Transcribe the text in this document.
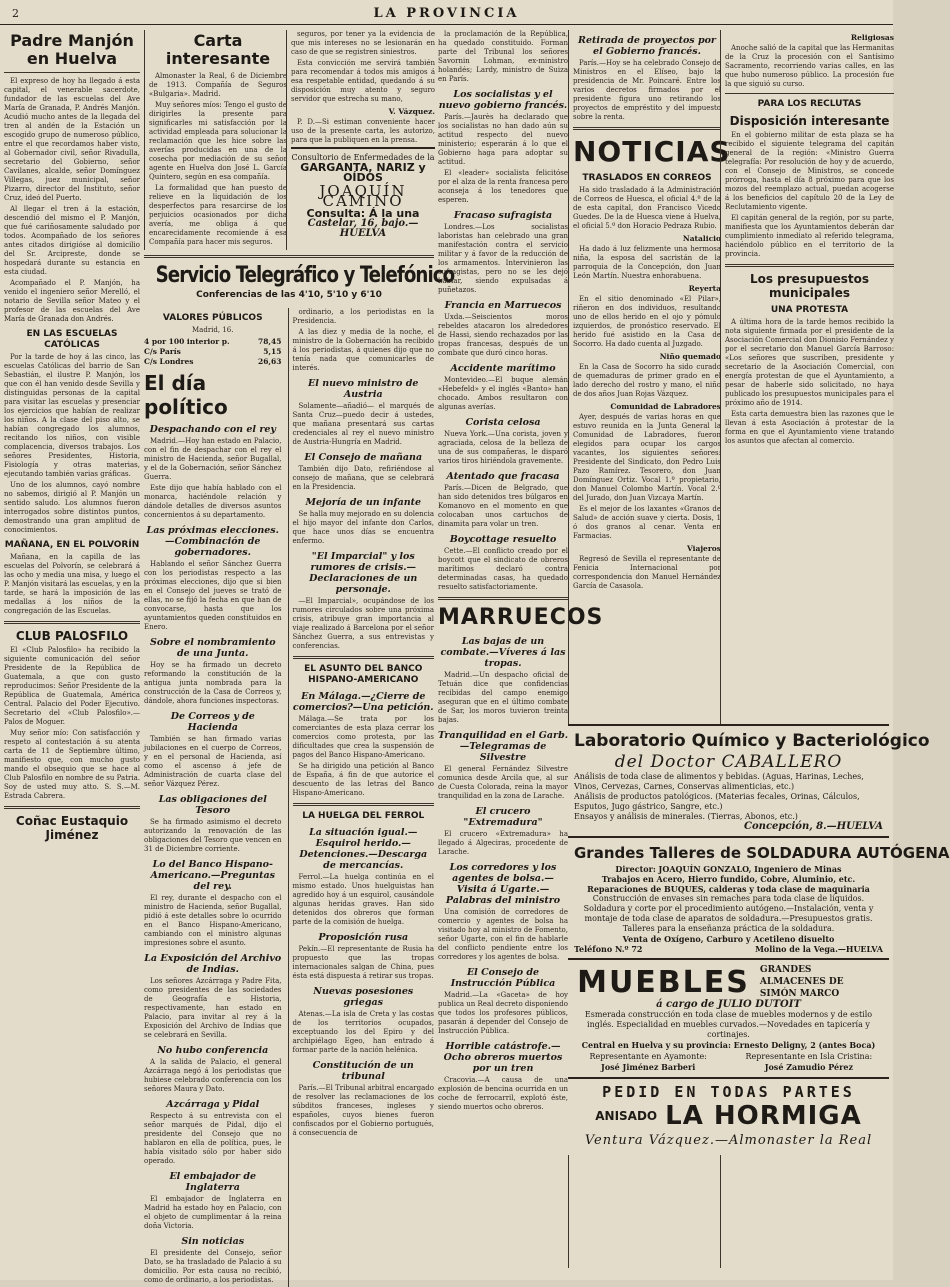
2	LA PROVINCIA
Padre Manjón en Huelva

El expreso de hoy ha llegado á esta capital, el venerable sacerdote, fundador de las escuelas del Ave María de Granada, P. Andrés Manjón. Acudió mucho antes de la llegada del tren al andén de la Estación un escogido grupo de numeroso público, entre el que recordamos haber visto, al Gobernador civil, señor Rivadulla, secretario del Gobierno, señor Cavilanes, alcalde, señor Domínguez Villegas, juez municipal, señor Pizarro, director del Instituto, señor Cruz, ideó del Puerto.

Al llegar el tren á la estación, descendió del mismo el P. Manjón, que fué cariñosamente saludado por todos. Acompañado de los señores antes citados dirigióse al domicilio del Sr. Arcipreste, donde se hospedará durante su estancia en esta ciudad.

Acompañado el P. Manjón, ha venido el ingeniero señor Merelló, el notario de Sevilla señor Mateo y el profesor de las escuelas del Ave María de Granada don Andrés.

EN LAS ESCUELAS CATÓLICAS

Por la tarde de hoy á las cinco, las escuelas Católicas del barrio de San Sebastián, el ilustre P. Manjón, los que con él han venido desde Sevilla y distinguidas personas de la capital para visitar las escuelas y presenciar los ejercicios que habían de realizar los niños. A la clase del piso alto, se habían congregado los alumnos, recitando los niños, con visible complacencia, diversos trabajos. Los señores Presidentes, Historia, Fisiología y otras materias, ejecutando también varias gráficas.

Uno de los alumnos, cayó nombre no sabemos, dirigió al P. Manjón un sentido saludo. Los alumnos fueron interrogados sobre distintos puntos, demostrando una gran amplitud de conocimientos.

MAÑANA, EN EL POLVORÍN

Mañana, en la capilla de las escuelas del Polvorín, se celebrará á las ocho y media una misa, y luego el P. Manjón visitará las escuelas, y en la tarde, se hará la imposición de las medallas á los niños de la congregación de las Escuelas.

CLUB PALOSFILO

El «Club Palosfilo» ha recibido la siguiente comunicación del señor Presidente de la República de Guatemala, a que con gusto reproducimos: Señor Presidente de la República de Guatemala, América Central. Palacio del Poder Ejecutivo. Secretario del «Club Palosfilo».—Palos de Moguer.

Muy señor mío: Con satisfacción y respeto al contestación á su atenta carta de 11 de Septiembre último, manifiesto que, con mucho gusto mando el obsequio que se hace al Club Palosfilo en nombre de su Patria. Soy de usted muy atto. S. S.—M. Estrada Cabrera.

Coñac Eustaquio Jiménez
Carta interesante

Almonaster la Real, 6 de Diciembre de 1913. Compañía de Seguros «Bulgaria». Madrid.

Muy señores míos: Tengo el gusto de dirigirles la presente para significarles mi satisfacción por la actividad empleada para solucionar la reclamación que les hice sobre las averías producidas en una de la cosecha por mediación de su señor agente en Huelva don José L. García Quintero, según en esa compañía.

La formalidad que han puesto de relieve en la liquidación de los desperfectos para resarcirse de los perjuicios ocasionados por dicha avería, me obliga á que encarecidamente recomiende á esa Compañía para hacer mis seguros.

seguros, por tener ya la evidencia de que mis intereses no se lesionarán en caso de que se registren siniestros.

Esta convicción me servirá también para recomendar á todos mis amigos á esa respetable entidad, quedando á su disposición muy atento y seguro servidor que estrecha su mano,

V. Vázquez.

P. D.—Si estiman conveniente hacer uso de la presente carta, les autorizo, para que la publiquen en la prensa.

Consultorio de Enfermedades de la
GARGANTA, NARIZ y OÍDOS
JOAQUÍN CAMINO
Consulta: Á la una
Castelar, 16, bajo.—HUELVA
Servicio Telegráfico y Telefónico
Conferencias de las 4'10, 5'10 y 6'10
VALORES PÚBLICOS
Madrid, 16.
4 por 100 interior p.	78,45
C/s París	5,15
C/s Londres	26,63
El día político
Despachando con el rey

Madrid.—Hoy han estado en Palacio, con el fin de despachar con el rey el ministro de Hacienda, señor Bugallal, y el de la Gobernación, señor Sánchez Guerra.

Este dijo que había hablado con el monarca, haciéndole relación y dándole detalles de diversos asuntos concernientos á su departamento.

Las próximas elecciones.—Combinación de gobernadores.

Hablando el señor Sánchez Guerra con los periodistas respecto a las próximas elecciones, dijo que si bien en el Consejo del jueves se trató de ellas, no se fijó la fecha en que han de convocarse, hasta que los ayuntamientos queden constituidos en Enero.

Sobre el nombramiento de una Junta.

Hoy se ha firmado un decreto reformando la constitución de la antigua junta nombrada para la construcción de la Casa de Correos y, dándole, ahora funciones inspectoras.

De Correos y de Hacienda

También se han firmado varias jubilaciones en el cuerpo de Correos, y en el personal de Hacienda, así como el ascenso á jefe de Administración de cuarta clase del señor Vázquez Pérez.

Las obligaciones del Tesoro

Se ha firmado asimismo el decreto autorizando la renovación de las obligaciones del Tesoro que vencen en 31 de Diciembre corriente.

Lo del Banco Hispano-Americano.—Preguntas del rey.

El rey, durante el despacho con el ministro de Hacienda, señor Bugallal, pidió á este detalles sobre lo ocurrido en el Banco Hispano-Americano, cambiando con el ministro algunas impresiones sobre el asunto.

La Exposición del Archivo de Indias.

Los señores Azcárraga y Padre Fita, como presidentes de las sociedades de Geografía e Historia, respectivamente, han estado en Palacio, para invitar al rey á la Exposición del Archivo de Indias que se celebrará en Sevilla.

No hubo conferencia

A la salida de Palacio, el general Azcárraga negó á los periodistas que hubiese celebrado conferencia con los señores Maura y Dato.

Azcárraga y Pidal

Respecto á su entrevista con el señor marqués de Pidal, dijo el presidente del Consejo que no hablaron en ella de política, pues, le había visitado sólo por haber sido operado.

El embajador de Inglaterra

El embajador de Inglaterra en Madrid ha estado hoy en Palacio, con el objeto de cumplimentar á la reina doña Victoria.

Sin noticias

El presidente del Consejo, señor Dato, se ha trasladado de Palacio á su domicilio. Por esta causa no recibió, como de ordinario, a los periodistas.

ordinario, a los periodistas en la Presidencia.

A las diez y media de la noche, el ministro de la Gobernación ha recibido á los periodistas, á quienes dijo que no tenía nada que comunicarles de interés.

El nuevo ministro de Austria

Solamente—añadió— el marqués de Santa Cruz—puedo decir á ustedes, que mañana presentará sus cartas credenciales al rey el nuevo ministro de Austria-Hungría en Madrid.

El Consejo de mañana

También dijo Dato, refiriéndose al consejo de mañana, que se celebrará en la Presidencia.

Mejoría de un infante

Se halla muy mejorado en su dolencia el hijo mayor del infante don Carlos, que hace unos días se encuentra enfermo.

"El Imparcial" y los rumores de crisis.—Declaraciones de un personaje.

—El Imparcial», ocupándose de los rumores circulados sobre una próxima crisis, atribuye gran importancia al viaje realizado á Barcelona por el señor Sánchez Guerra, a sus entrevistas y conferencias.

EL ASUNTO DEL BANCO HISPANO-AMERICANO
En Málaga.—¿Cierre de comercios?—Una petición.

Málaga.—Se trata por los comerciantes de esta plaza cerrar los comercios como protesta, por las dificultades que crea la suspensión de pagos del Banco Hispano-Americano.

Se ha dirigido una petición al Banco de España, á fin de que autorice el descuento de las letras del Banco Hispano-Americano.

LA HUELGA DEL FERROL
La situación igual.—Esquirol herido.—Detenciones.—Descarga de mercancías.

Ferrol.—La huelga continúa en el mismo estado. Unos huelguistas han agredido hoy á un esquirol, causándole algunas heridas graves. Han sido detenidos dos obreros que forman parte de la comisión de huelga.

Proposición rusa

Pekín.—El representante de Rusia ha propuesto que las tropas internacionales salgan de China, pues ésta está dispuesta á retirar sus tropas.

Nuevas posesiones griegas

Atenas.—La isla de Creta y las costas de los territorios ocupados, exceptuando los del Epiro y del archipiélago Egeo, han entrado á formar parte de la nación helénica.

Constitución de un tribunal

París.—El Tribunal arbitral encargado de resolver las reclamaciones de los súbditos franceses, ingleses y españoles, cuyos bienes fueron confiscados por el Gobierno portugués, á consecuencia de

la proclamación de la República, ha quedado constituido. Forman parte del Tribunal los señores Savornin Lohman, ex-ministro holandés; Lardy, ministro de Suiza en París.

Los socialistas y el nuevo gobierno francés.

París.—Jaurès ha declarado que los socialistas no han dado aún su actitud respecto del nuevo ministerio; esperarán á lo que el Gobierno haga para adoptar su actitud.

El «leader» socialista felicitóse por el alza de la renta francesa pero aconseja á los tenedores que esperen.

Fracaso sufragista

Londres.—Los socialistas laboristas han celebrado una gran manifestación contra el servicio militar y á favor de la reducción de los armamentos. Intervinieron las sufragistas, pero no se les dejó hablar, siendo expulsadas á puñetazos.

Francia en Marruecos

Uxda.—Seiscientos moros rebeldes atacaron los alrededores de Hassi, siendo rechazados por las tropas francesas, después de un combate que duró cinco horas.

Accidente marítimo

Montevideo.—El buque alemán «Hebefeld» y el inglés «Banto» han chocado. Ambos resultaron con algunas averías.

Corista celosa

Nueva York.—Una corista, joven y agraciada, celosa de la belleza de una de sus compañeras, le disparó varios tiros hiriéndola gravemente.

Atentado que fracasa

París.—Dicen de Belgrado, que han sido detenidos tres búlgaros en Komanovo en el momento en que colocaban unos cartuchos de dinamita para volar un tren.

Boycottage resuelto

Cette.—El conflicto creado por el boycott que el sindicato de obreros marítimos declaró contra determinadas casas, ha quedado resuelto satisfactoriamente.

MARRUECOS
Las bajas de un combate.—Víveres á las tropas.

Madrid.—Un despacho oficial de Tetuán dice que confidencias recibidas del campo enemigo aseguran que en el último combate de Sar, los moros tuvieron treinta bajas.

Tranquilidad en el Garb.—Telegramas de Silvestre

El general Fernández Silvestre comunica desde Arcila que, al sur de Cuesta Colorada, reina la mayor tranquilidad en la zona de Larache.

El crucero "Extremadura"

El crucero «Extremadura» ha llegado á Algeciras, procedente de Larache.

Los corredores y los agentes de bolsa.—Visita á Ugarte.—Palabras del ministro

Una comisión de corredores de comercio y agentes de bolsa ha visitado hoy al ministro de Fomento, señor Ugarte, con el fin de hablarle del conflicto pendiente entre los corredores y los agentes de bolsa.

El Consejo de Instrucción Pública

Madrid.—La «Gaceta» de hoy publica un Real decreto disponiendo que todos los profesores públicos, pasarán á depender del Consejo de Instrucción Pública.

Horrible catástrofe.—Ocho obreros muertos por un tren

Cracovia.—A causa de una explosión de bencina ocurrida en un coche de ferrocarril, explotó éste, siendo muertos ocho obreros.

Retirada de proyectos por el Gobierno francés.

París.—Hoy se ha celebrado Consejo de Ministros en el Elíseo, bajo la presidencia de Mr. Poincaré. Entre los varios decretos firmados por el presidente figura uno retirando los proyectos de empréstito y del impuesto sobre la renta.

NOTICIAS
TRASLADOS EN CORREOS

Ha sido trasladado á la Administración de Correos de Huesca, el oficial 4.º de la de esta capital, don Francisco Vicedo Guedes. De la de Huesca viene á Huelva, el oficial 5.º don Horacio Pedraza Rubio.

Natalicio

Ha dado á luz felizmente una hermosa niña, la esposa del sacristán de la parroquia de la Concepción, don Juan León Martín. Nuestra enhorabuena.

Reyerta

En el sitio denominado «El Pilar», riñeron en dos individuos, resultando uno de ellos herido en el ojo y pómulo izquierdos, de pronóstico reservado. El herido fué asistido en la Casa de Socorro. Ha dado cuenta al Juzgado.

Niño quemado

En la Casa de Socorro ha sido curado de quemaduras de primer grado en el lado derecho del rostro y mano, el niño de dos años Juan Rojas Vázquez.

Comunidad de Labradores

Ayer, después de varias horas en que estuvo reunida en la Junta General la Comunidad de Labradores, fueron elegidos para ocupar los cargos vacantes, los siguientes señores: Presidente del Sindicato, don Pedro Luis Pazo Ramírez. Tesorero, don Juan Domínguez Ortiz. Vocal 1.º propietario, don Manuel Colombo Martín. Vocal 2.º del Jurado, don Juan Vizcaya Martín.

Es el mejor de los laxantes «Granos de Salud» de acción suave y cierta. Dosis, 1 ó dos granos al cenar. Venta en Farmacias.

Viajeros

Regresó de Sevilla el representante de Fenicia Internacional por correspondencia don Manuel Hernández García de Casasola.

Religiosas

Anoche salió de la capital que las Hermanitas de la Cruz la procesión con el Santísimo Sacramento, recorriendo varias calles, en las que hubo numeroso público. La procesión fue la que siguió su curso.

PARA LOS RECLUTAS
Disposición interesante

En el gobierno militar de esta plaza se ha recibido el siguiente telegrama del capitán general de la región: «Ministro Guerra telegrafía: Por resolución de hoy y de acuerdo, con el Consejo de Ministros, se concede prórroga, hasta el día 8 próximo para que los mozos del reemplazo actual, puedan acogerse á los beneficios del capítulo 20 de la Ley de Reclutamiento vigente.

El capitán general de la región, por su parte, manifiesta que los Ayuntamientos deberán dar cumplimiento inmediato al referido telegrama, haciéndolo público en el territorio de la provincia.

Los presupuestos municipales
UNA PROTESTA

A última hora de la tarde hemos recibido la nota siguiente firmada por el presidente de la Asociación Comercial don Dionisio Fernández y por el secretario don Manuel García Barroso: «Los señores que suscriben, presidente y secretario de la Asociación Comercial, con energía protestan de que el Ayuntamiento, a pesar de haberle sido solicitado, no haya publicado los presupuestos municipales para el próximo año de 1914.

Esta carta demuestra bien las razones que le llevan á esta Asociación á protestar de la forma en que el Ayuntamiento viene tratando los asuntos que afectan al comercio.

Laboratorio Químico y Bacteriológico
del Doctor CABALLERO
Análisis de toda clase de alimentos y bebidas. (Aguas, Harinas, Leches, Vinos, Cervezas, Carnes, Conservas alimenticias, etc.)
Análisis de productos patológicos. (Materias fecales, Orinas, Cálculos, Esputos, Jugo gástrico, Sangre, etc.)
Ensayos y análisis de minerales. (Tierras, Abonos, etc.)
Concepción, 8.—HUELVA
Grandes Talleres de SOLDADURA AUTÓGENA
Director: JOAQUÍN GONZALO, Ingeniero de Minas
Trabajos en Acero, Hierro fundido, Cobre, Aluminio, etc. Reparaciones de BUQUES, calderas y toda clase de maquinaria
Construcción de envases sin remaches para toda clase de líquidos. Soldadura y corte por el procedimiento autógeno.—Instalación, venta y montaje de toda clase de aparatos de soldadura.—Presupuestos gratis. Talleres para la enseñanza práctica de la soldadura.
Venta de Oxígeno, Carburo y Acetileno disuelto
Teléfono N.º 72	Molino de la Vega.—HUELVA
MUEBLES GRANDES ALMACENES DE SIMÓN MARCO
á cargo de JULIO DUTOIT
Esmerada construcción en toda clase de muebles modernos y de estilo inglés. Especialidad en muebles curvados.—Novedades en tapicería y cortinajes.
Central en Huelva y su provincia: Ernesto Deligny, 2 (antes Boca)
Representante en Ayamonte:
José Jiménez Barberi
Representante en Isla Cristina:
José Zamudio Pérez
PEDID EN TODAS PARTES
ANISADO LA HORMIGA
Ventura Vázquez.—Almonaster la Real
